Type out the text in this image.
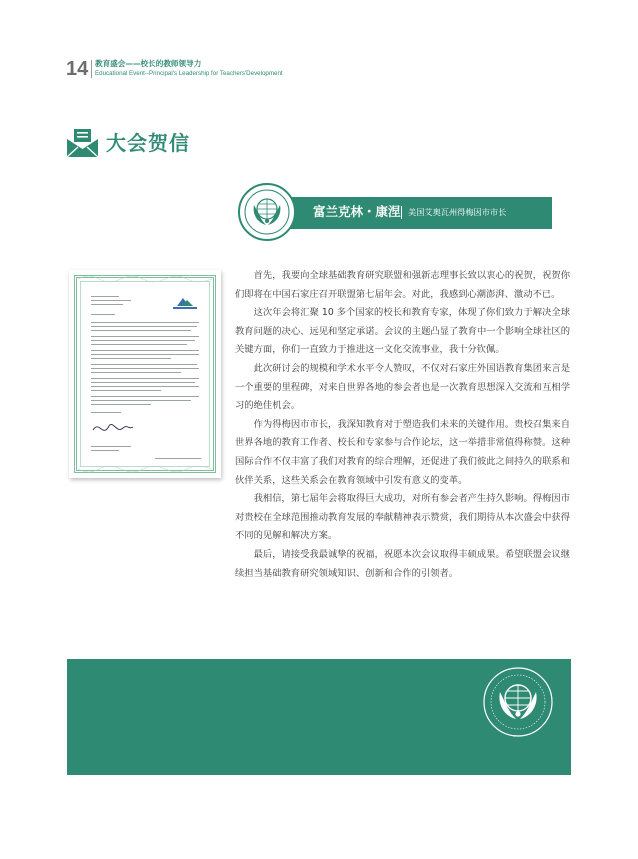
14 教育盛会——校长的教师领导力
Educational Event--Principal's Leadership for Teachers'Development
大会贺信
富兰克林・康涅 美国艾奥瓦州得梅因市市长

首先，我要向全球基础教育研究联盟和强新志理事长致以衷心的祝贺，祝贺你们即将在中国石家庄召开联盟第七届年会。对此，我感到心潮澎湃、激动不已。

这次年会将汇聚 10 多个国家的校长和教育专家，体现了你们致力于解决全球教育问题的决心、远见和坚定承诺。会议的主题凸显了教育中一个影响全球社区的关键方面，你们一直致力于推进这一文化交流事业，我十分钦佩。

此次研讨会的规模和学术水平令人赞叹，不仅对石家庄外国语教育集团来言是一个重要的里程碑，对来自世界各地的参会者也是一次教育思想深入交流和互相学习的绝佳机会。

作为得梅因市市长，我深知教育对于塑造我们未来的关键作用。贵校召集来自世界各地的教育工作者、校长和专家参与合作论坛，这一举措非常值得称赞。这种国际合作不仅丰富了我们对教育的综合理解，还促进了我们彼此之间持久的联系和伙伴关系，这些关系会在教育领域中引发有意义的变革。

我相信，第七届年会将取得巨大成功，对所有参会者产生持久影响。得梅因市对贵校在全球范围推动教育发展的奉献精神表示赞赏，我们期待从本次盛会中获得不同的见解和解决方案。

最后，请接受我最诚挚的祝福，祝愿本次会议取得丰硕成果。希望联盟会议继续担当基础教育研究领域知识、创新和合作的引领者。
